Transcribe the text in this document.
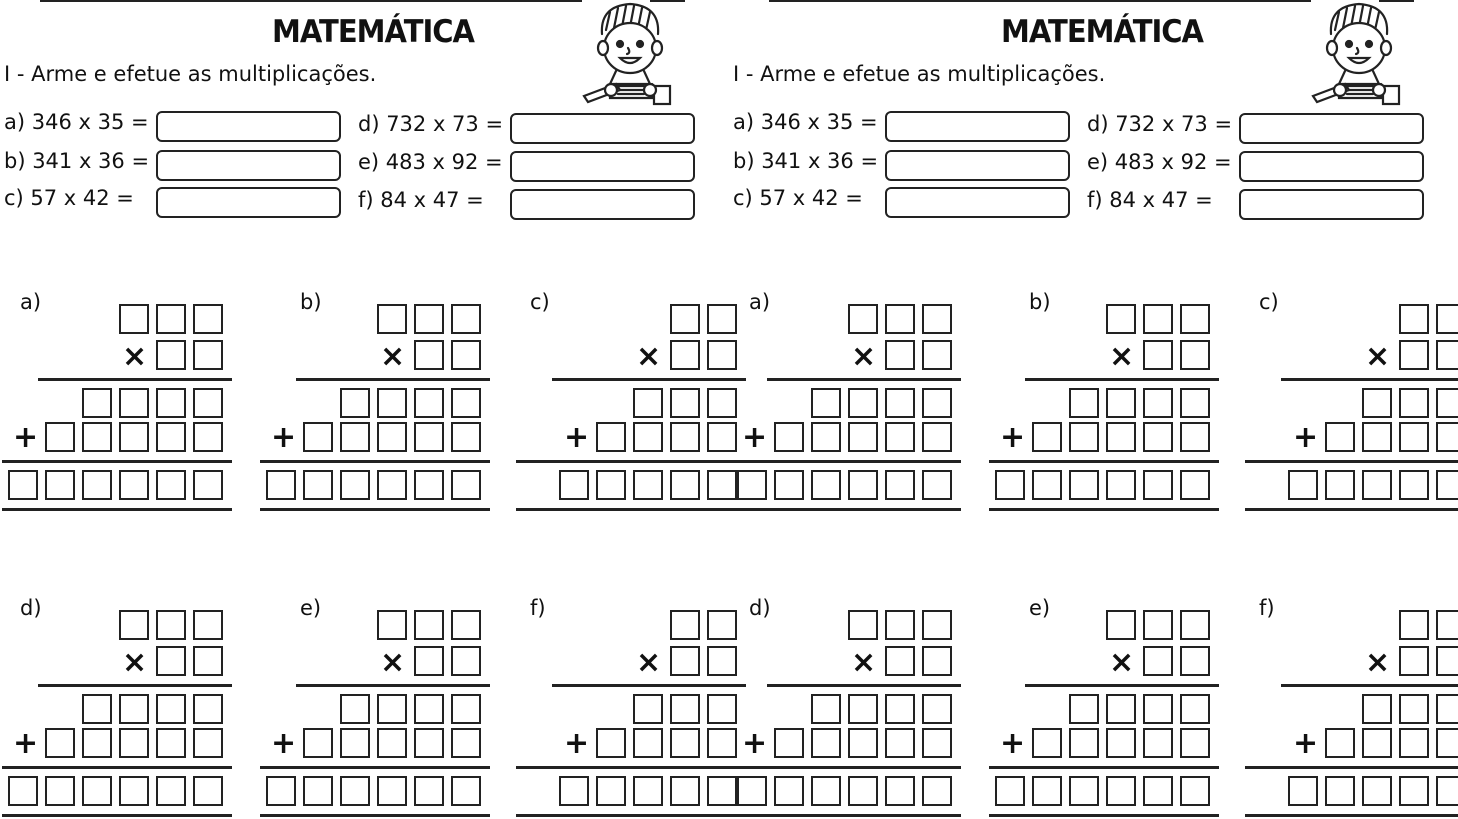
MATEMÁTICA
I - Arme e efetue as multiplicações.
a) 346 x 35 =
b) 341 x 36 =
c) 57 x 42 =
d) 732 x 73 =
e) 483 x 92 =
f) 84 x 47 =
a)
×
+
b)
×
+
c)
×
+
d)
×
+
e)
×
+
f)
×
+
MATEMÁTICA
I - Arme e efetue as multiplicações.
a) 346 x 35 =
b) 341 x 36 =
c) 57 x 42 =
d) 732 x 73 =
e) 483 x 92 =
f) 84 x 47 =
a)
×
+
b)
×
+
c)
×
+
d)
×
+
e)
×
+
f)
×
+
